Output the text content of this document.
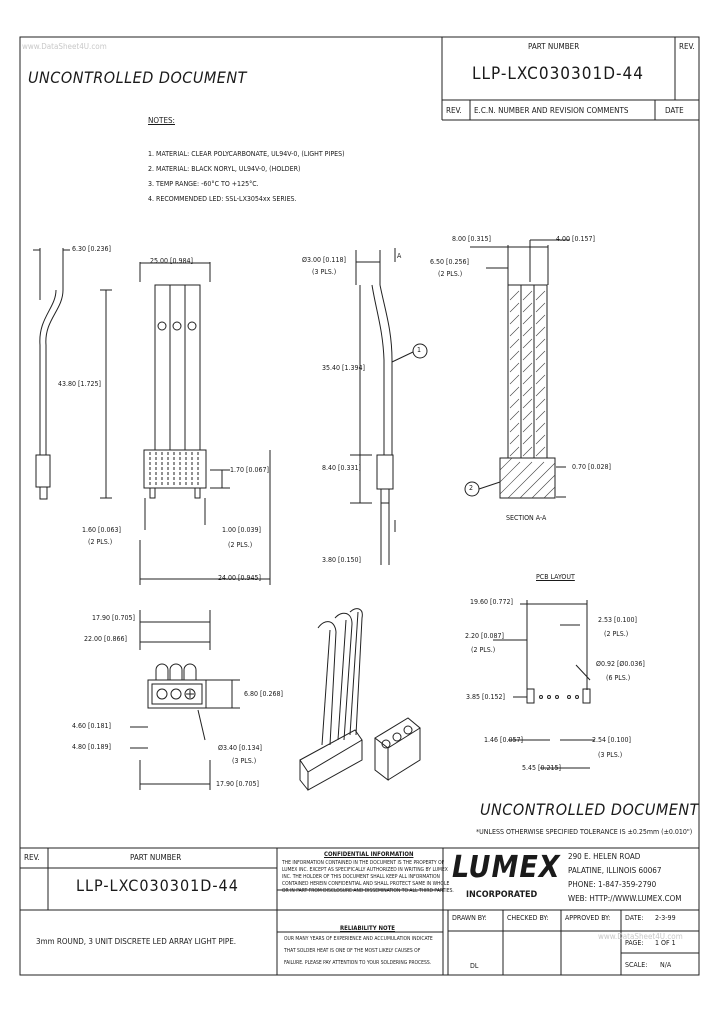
www.DataSheet4U.com
www.DataSheet4U.com
UNCONTROLLED DOCUMENT
PART NUMBER
LLP-LXC030301D-44
REV.
REV. E.C.N. NUMBER AND REVISION COMMENTS	DATE
NOTES:
1. MATERIAL: CLEAR POLYCARBONATE, UL94V-0, (LIGHT PIPES)
2. MATERIAL: BLACK NORYL, UL94V-0, (HOLDER)
3. TEMP RANGE: -60°C TO +125°C.
4. RECOMMENDED LED: SSL-LX3054xx SERIES.
6.30 [0.236]
25.00 [0.984]
43.80 [1.725]
1.70 [0.067]
1.60 [0.063]
(2 PLS.)
1.00 [0.039]
(2 PLS.)
24.00 [0.945]
Ø3.00 [0.118]
(3 PLS.)
A
35.40 [1.394]
8.40 [0.331]
3.80 [0.150]
1
8.00 [0.315]	4.00 [0.157]
6.50 [0.256]
(2 PLS.)
0.70 [0.028]
2
SECTION A-A
17.90 [0.705]
22.00 [0.866]
6.80 [0.268]
4.60 [0.181]
4.80 [0.189]	Ø3.40 [0.134]
(3 PLS.)
17.90 [0.705]
PCB LAYOUT
19.60 [0.772]
2.53 [0.100]
(2 PLS.)
2.20 [0.087]
(2 PLS.)
Ø0.92 [Ø0.036]
(6 PLS.)
3.85 [0.152]
1.46 [0.057]	2.54 [0.100]
(3 PLS.)
5.45 [0.215]
UNCONTROLLED DOCUMENT
*UNLESS OTHERWISE SPECIFIED TOLERANCE IS ±0.25mm (±0.010")
REV.	PART NUMBER
LLP-LXC030301D-44
3mm ROUND, 3 UNIT DISCRETE LED ARRAY LIGHT PIPE.
CONFIDENTIAL INFORMATION
THE INFORMATION CONTAINED IN THE DOCUMENT IS THE PROPERTY OF
LUMEX INC. EXCEPT AS SPECIFICALLY AUTHORIZED IN WRITING BY LUMEX
INC. THE HOLDER OF THIS DOCUMENT SHALL KEEP ALL INFORMATION
CONTAINED HEREIN CONFIDENTIAL AND SHALL PROTECT SAME IN WHOLE
OR IN PART FROM DISCLOSURE AND DISSEMINATION TO ALL THIRD PARTIES.
RELIABILITY NOTE
OUR MANY YEARS OF EXPERIENCE AND ACCUMULATION INDICATE
THAT SOLDER HEAT IS ONE OF THE MOST LIKELY CAUSES OF
FAILURE. PLEASE PAY ATTENTION TO YOUR SOLDERING PROCESS.
LUMEX
INCORPORATED
290 E. HELEN ROAD
PALATINE, ILLINOIS 60067
PHONE: 1-847-359-2790
WEB: HTTP://WWW.LUMEX.COM
DRAWN BY:
DL
CHECKED BY: APPROVED BY: DATE: 2-3-99
PAGE: 1 OF 1
SCALE: N/A
